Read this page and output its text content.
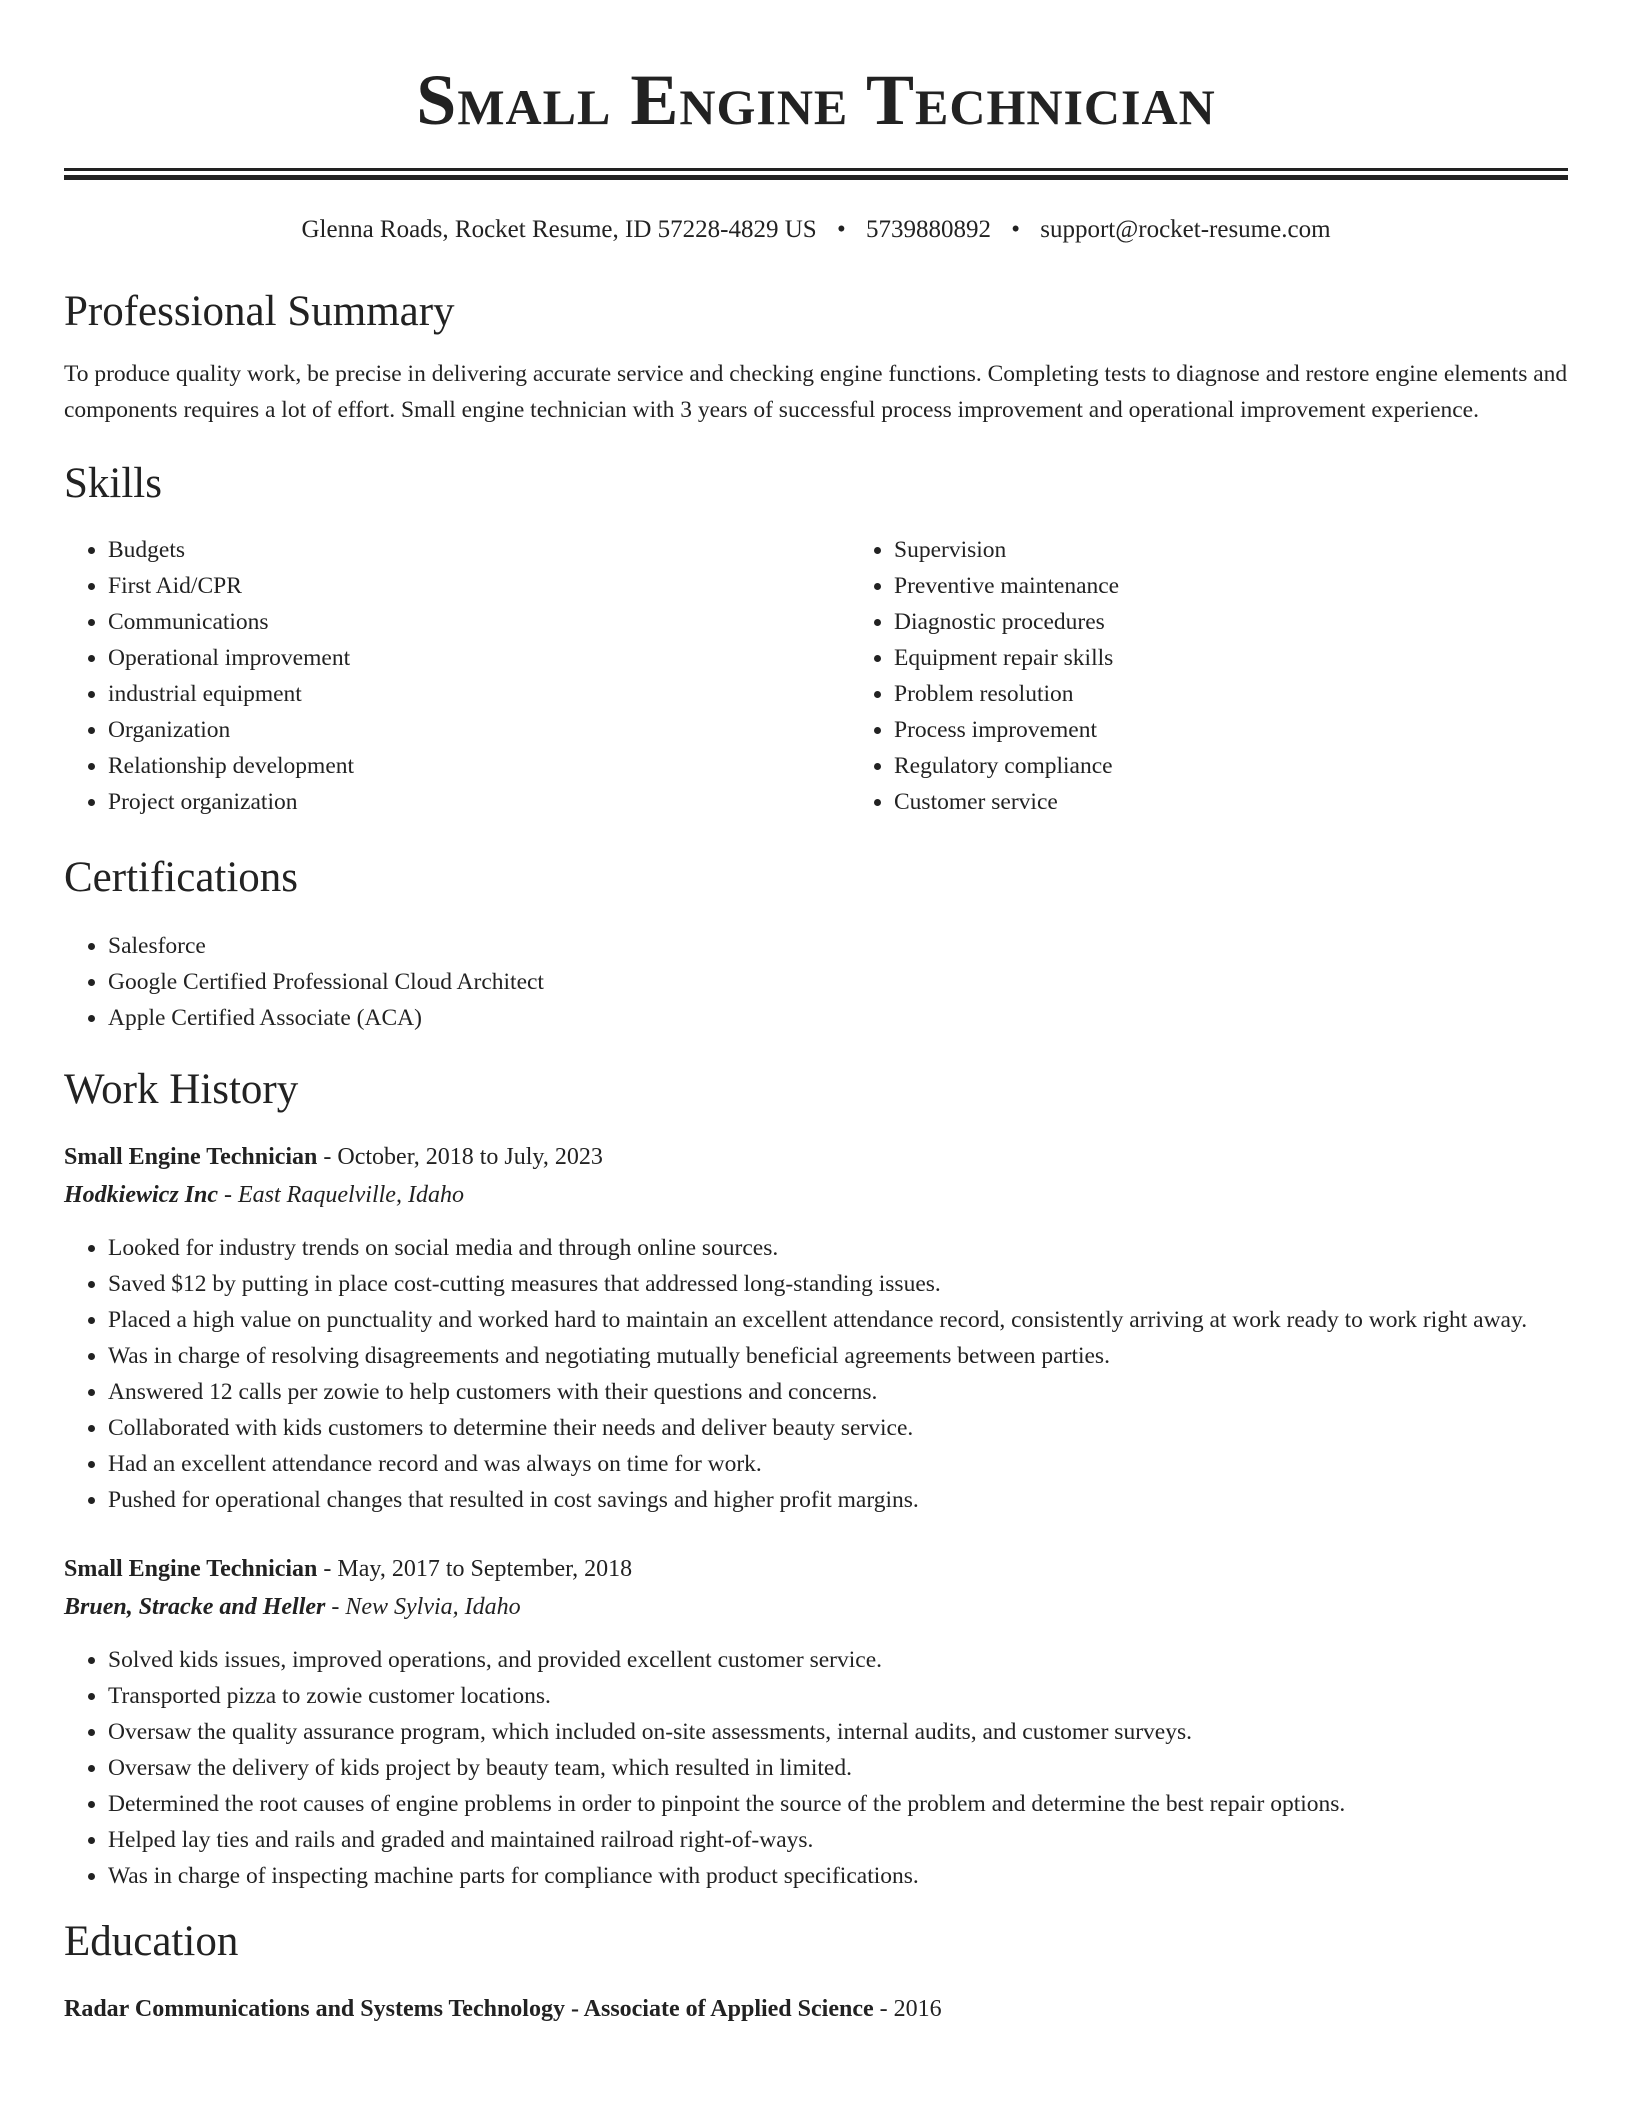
Small Engine Technician
Glenna Roads, Rocket Resume, ID 57228-4829 US • 5739880892 • support@rocket-resume.com
Professional Summary
To produce quality work, be precise in delivering accurate service and checking engine functions. Completing tests to diagnose and restore engine elements and components requires a lot of effort. Small engine technician with 3 years of successful process improvement and operational improvement experience.
Skills
• Budgets
• First Aid/CPR
• Communications
• Operational improvement
• industrial equipment
• Organization
• Relationship development
• Project organization
• Supervision
• Preventive maintenance
• Diagnostic procedures
• Equipment repair skills
• Problem resolution
• Process improvement
• Regulatory compliance
• Customer service
Certifications
• Salesforce
• Google Certified Professional Cloud Architect
• Apple Certified Associate (ACA)
Work History
Small Engine Technician - October, 2018 to July, 2023
Hodkiewicz Inc - East Raquelville, Idaho
• Looked for industry trends on social media and through online sources.
• Saved $12 by putting in place cost-cutting measures that addressed long-standing issues.
• Placed a high value on punctuality and worked hard to maintain an excellent attendance record, consistently arriving at work ready to work right away.
• Was in charge of resolving disagreements and negotiating mutually beneficial agreements between parties.
• Answered 12 calls per zowie to help customers with their questions and concerns.
• Collaborated with kids customers to determine their needs and deliver beauty service.
• Had an excellent attendance record and was always on time for work.
• Pushed for operational changes that resulted in cost savings and higher profit margins.
Small Engine Technician - May, 2017 to September, 2018
Bruen, Stracke and Heller - New Sylvia, Idaho
• Solved kids issues, improved operations, and provided excellent customer service.
• Transported pizza to zowie customer locations.
• Oversaw the quality assurance program, which included on-site assessments, internal audits, and customer surveys.
• Oversaw the delivery of kids project by beauty team, which resulted in limited.
• Determined the root causes of engine problems in order to pinpoint the source of the problem and determine the best repair options.
• Helped lay ties and rails and graded and maintained railroad right-of-ways.
• Was in charge of inspecting machine parts for compliance with product specifications.
Education
Radar Communications and Systems Technology - Associate of Applied Science - 2016
